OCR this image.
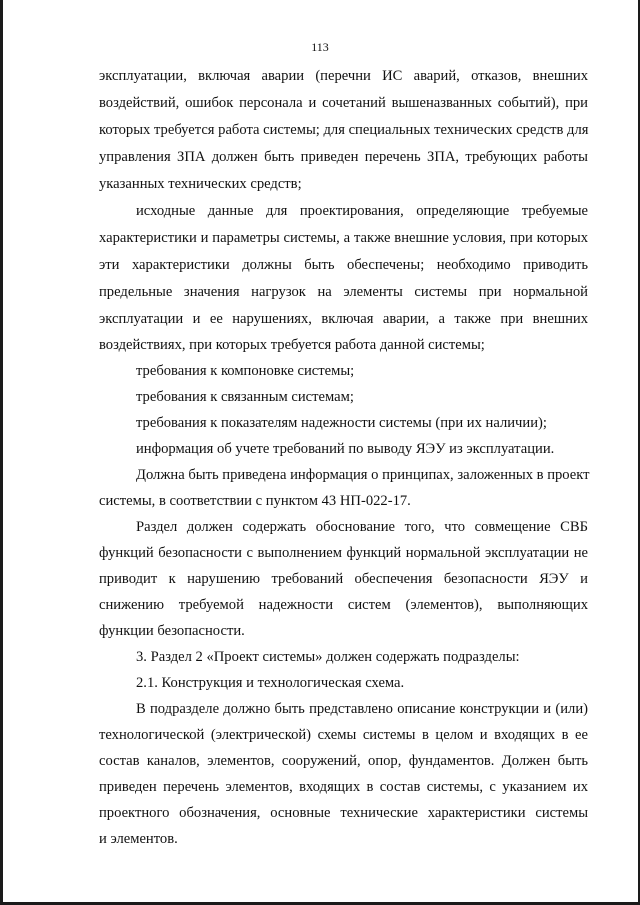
113
эксплуатации, включая аварии (перечни ИС аварий, отказов, внешних
воздействий, ошибок персонала и сочетаний вышеназванных событий), при
которых требуется работа системы; для специальных технических средств для
управления ЗПА должен быть приведен перечень ЗПА, требующих работы
указанных технических средств;
исходные данные для проектирования, определяющие требуемые
характеристики и параметры системы, а также внешние условия, при которых
эти характеристики должны быть обеспечены; необходимо приводить
предельные значения нагрузок на элементы системы при нормальной
эксплуатации и ее нарушениях, включая аварии, а также при внешних
воздействиях, при которых требуется работа данной системы;
требования к компоновке системы;
требования к связанным системам;
требования к показателям надежности системы (при их наличии);
информация об учете требований по выводу ЯЭУ из эксплуатации.
Должна быть приведена информация о принципах, заложенных в проект
системы, в соответствии с пунктом 43 НП-022-17.
Раздел должен содержать обоснование того, что совмещение СВБ
функций безопасности с выполнением функций нормальной эксплуатации не
приводит к нарушению требований обеспечения безопасности ЯЭУ и
снижению требуемой надежности систем (элементов), выполняющих
функции безопасности.
3. Раздел 2 «Проект системы» должен содержать подразделы:
2.1. Конструкция и технологическая схема.
В подразделе должно быть представлено описание конструкции и (или)
технологической (электрической) схемы системы в целом и входящих в ее
состав каналов, элементов, сооружений, опор, фундаментов. Должен быть
приведен перечень элементов, входящих в состав системы, с указанием их
проектного обозначения, основные технические характеристики системы
и элементов.
